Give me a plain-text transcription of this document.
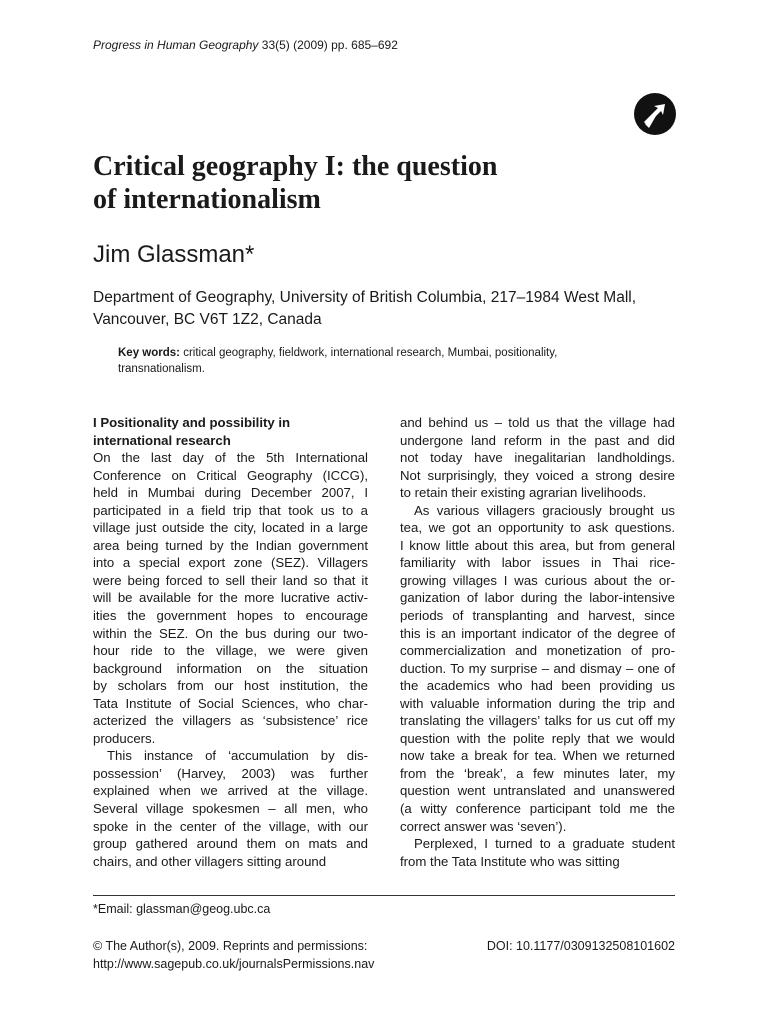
Progress in Human Geography 33(5) (2009) pp. 685–692
Critical geography I: the question
of internationalism
Jim Glassman*
Department of Geography, University of British Columbia, 217–1984 West Mall,
Vancouver, BC V6T 1Z2, Canada
Key words: critical geography, fieldwork, international research, Mumbai, positionality,
transnationalism.
I Positionality and possibility in
international research
On the last day of the 5th International
Conference on Critical Geography (ICCG),
held in Mumbai during December 2007, I
participated in a field trip that took us to a
village just outside the city, located in a large
area being turned by the Indian government
into a special export zone (SEZ). Villagers
were being forced to sell their land so that it
will be available for the more lucrative activ-
ities the government hopes to encourage
within the SEZ. On the bus during our two-
hour ride to the village, we were given
background information on the situation
by scholars from our host institution, the
Tata Institute of Social Sciences, who char-
acterized the villagers as ‘subsistence’ rice
producers.
This instance of ‘accumulation by dis-
possession’ (Harvey, 2003) was further
explained when we arrived at the village.
Several village spokesmen – all men, who
spoke in the center of the village, with our
group gathered around them on mats and
chairs, and other villagers sitting around
and behind us – told us that the village had
undergone land reform in the past and did
not today have inegalitarian landholdings.
Not surprisingly, they voiced a strong desire
to retain their existing agrarian livelihoods.
As various villagers graciously brought us
tea, we got an opportunity to ask questions.
I know little about this area, but from general
familiarity with labor issues in Thai rice-
growing villages I was curious about the or-
ganization of labor during the labor-intensive
periods of transplanting and harvest, since
this is an important indicator of the degree of
commercialization and monetization of pro-
duction. To my surprise – and dismay – one of
the academics who had been providing us
with valuable information during the trip and
translating the villagers’ talks for us cut off my
question with the polite reply that we would
now take a break for tea. When we returned
from the ‘break’, a few minutes later, my
question went untranslated and unanswered
(a witty conference participant told me the
correct answer was ‘seven’).
Perplexed, I turned to a graduate student
from the Tata Institute who was sitting
*Email: glassman@geog.ubc.ca
© The Author(s), 2009. Reprints and permissions:
http://www.sagepub.co.uk/journalsPermissions.nav
DOI: 10.1177/0309132508101602
